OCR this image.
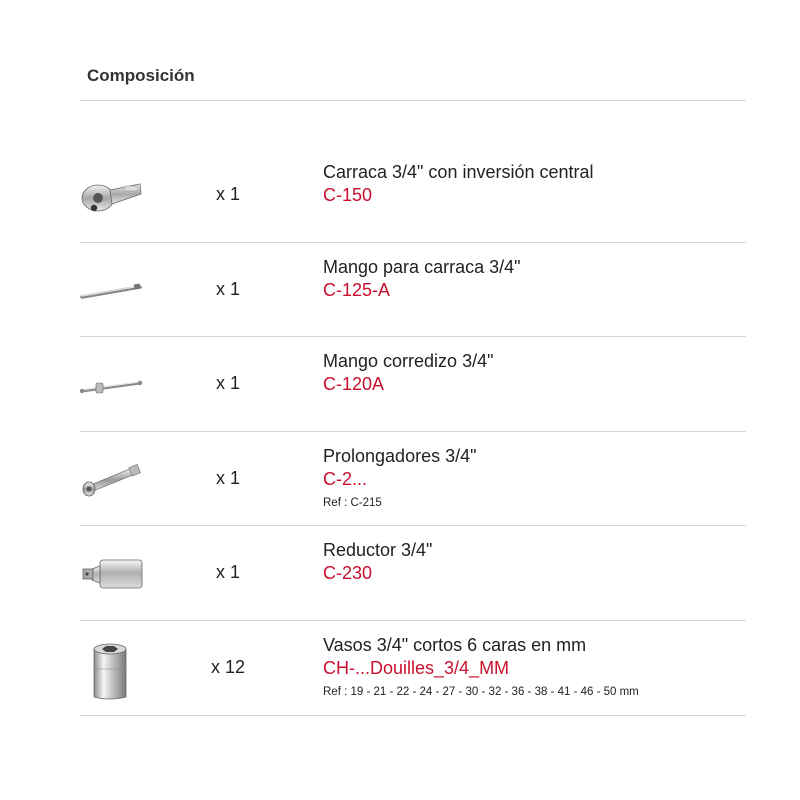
Composición
x 1
Carraca 3/4" con inversión central
C-150
x 1
Mango para carraca 3/4"
C-125-A
x 1
Mango corredizo 3/4"
C-120A
x 1
Prolongadores 3/4"
C-2...
Ref : C-215
x 1
Reductor 3/4"
C-230
x 12
Vasos 3/4" cortos 6 caras en mm
CH-...Douilles_3/4_MM
Ref : 19 - 21 - 22 - 24 - 27 - 30 - 32 - 36 - 38 - 41 - 46 - 50 mm
